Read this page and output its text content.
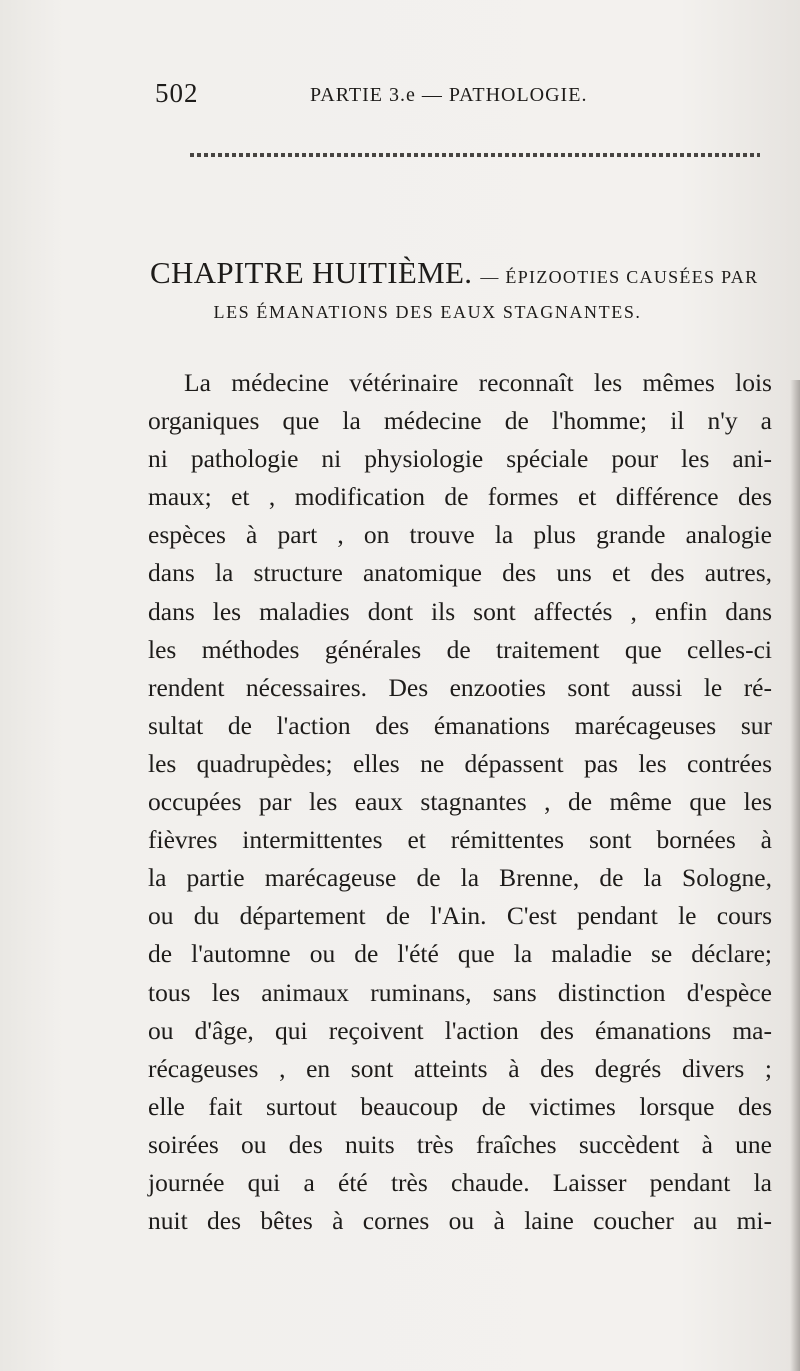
502	PARTIE 3.e — PATHOLOGIE.
CHAPITRE HUITIÈME. — ÉPIZOOTIES CAUSÉES PAR
LES ÉMANATIONS DES EAUX STAGNANTES.
La médecine vétérinaire reconnaît les mêmes lois
organiques que la médecine de l'homme; il n'y a
ni pathologie ni physiologie spéciale pour les ani-
maux; et , modification de formes et différence des
espèces à part , on trouve la plus grande analogie
dans la structure anatomique des uns et des autres,
dans les maladies dont ils sont affectés , enfin dans
les méthodes générales de traitement que celles-ci
rendent nécessaires. Des enzooties sont aussi le ré-
sultat de l'action des émanations marécageuses sur
les quadrupèdes; elles ne dépassent pas les contrées
occupées par les eaux stagnantes , de même que les
fièvres intermittentes et rémittentes sont bornées à
la partie marécageuse de la Brenne, de la Sologne,
ou du département de l'Ain. C'est pendant le cours
de l'automne ou de l'été que la maladie se déclare;
tous les animaux ruminans, sans distinction d'espèce
ou d'âge, qui reçoivent l'action des émanations ma-
récageuses , en sont atteints à des degrés divers ;
elle fait surtout beaucoup de victimes lorsque des
soirées ou des nuits très fraîches succèdent à une
journée qui a été très chaude. Laisser pendant la
nuit des bêtes à cornes ou à laine coucher au mi-
